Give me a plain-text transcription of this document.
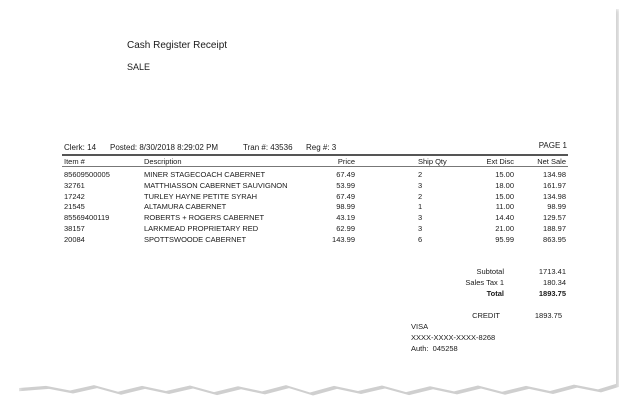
Cash Register Receipt
SALE
Clerk: 14 Posted: 8/30/2018 8:29:02 PM	Tran #: 43536 Reg #: 3	PAGE 1
Item #	Description	Price	Ship Qty	Ext Disc	Net Sale
85609500005	MINER STAGECOACH CABERNET	67.49	2	15.00	134.98
32761	MATTHIASSON CABERNET SAUVIGNON	53.99	3	18.00	161.97
17242	TURLEY HAYNE PETITE SYRAH	67.49	2	15.00	134.98
21545	ALTAMURA CABERNET	98.99	1	11.00	98.99
85569400119	ROBERTS + ROGERS CABERNET	43.19	3	14.40	129.57
38157	LARKMEAD PROPRIETARY RED	62.99	3	21.00	188.97
20084	SPOTTSWOODE CABERNET	143.99	6	95.99	863.95
Subtotal	1713.41
Sales Tax 1	180.34
Total	1893.75
CREDIT	1893.75
VISA
XXXX-XXXX-XXXX-8268
Auth:  045258
